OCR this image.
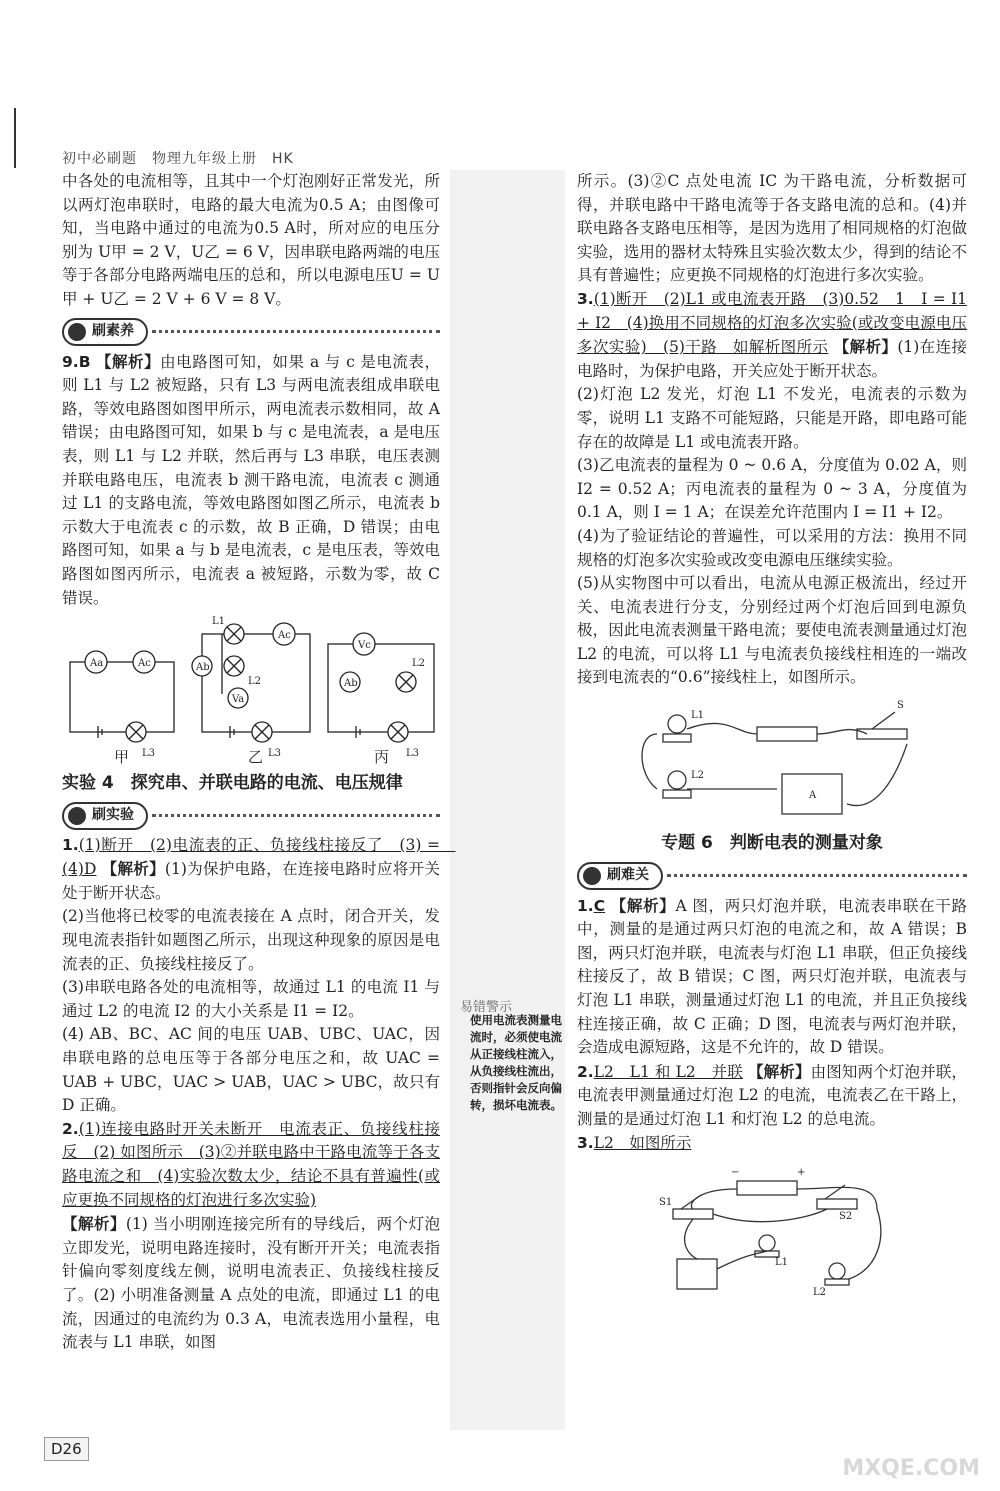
初中必刷题　物理九年级上册　HK
易错警示
使用电流表测量电流时，必须使电流从正接线柱流入，从负接线柱流出，否则指针会反向偏转，损坏电流表。

中各处的电流相等，且其中一个灯泡刚好正常发光，所以两灯泡串联时，电路的最大电流为0.5 A；由图像可知，当电路中通过的电流为0.5 A时，所对应的电压分别为 U甲 = 2 V，U乙 = 6 V，因串联电路两端的电压等于各部分电路两端电压的总和，所以电源电压U = U甲 + U乙 = 2 V + 6 V = 8 V。

刷素养

9.B 【解析】由电路图可知，如果 a 与 c 是电流表，则 L1 与 L2 被短路，只有 L3 与两电流表组成串联电路，等效电路图如图甲所示，两电流表示数相同，故 A 错误；由电路图可知，如果 b 与 c 是电流表，a 是电压表，则 L1 与 L2 并联，然后再与 L3 串联，电压表测并联电路电压，电流表 b 测干路电流，电流表 c 测通过 L1 的支路电流，等效电路图如图乙所示，电流表 b 示数大于电流表 c 的示数，故 B 正确，D 错误；由电路图可知，如果 a 与 b 是电流表，c 是电压表，等效电路图如图丙所示，电流表 a 被短路，示数为零，故 C 错误。

Aa	Ac
L3
L1
Ac
Ab
L2
Va
L3
Vc
Ab
L2
L3
甲	乙	丙
实验 4　探究串、并联电路的电流、电压规律
刷实验

1.(1)断开　(2)电流表的正、负接线柱接反了　(3) =　(4)D 【解析】(1)为保护电路，在连接电路时应将开关处于断开状态。

(2)当他将已校零的电流表接在 A 点时，闭合开关，发现电流表指针如题图乙所示，出现这种现象的原因是电流表的正、负接线柱接反了。

(3)串联电路各处的电流相等，故通过 L1 的电流 I1 与通过 L2 的电流 I2 的大小关系是 I1 = I2。

(4) AB、BC、AC 间的电压 UAB、UBC、UAC，因串联电路的总电压等于各部分电压之和，故 UAC = UAB + UBC，UAC > UAB，UAC > UBC，故只有 D 正确。

2.(1)连接电路时开关未断开　电流表正、负接线柱接反　(2) 如图所示　(3)②并联电路中干路电流等于各支路电流之和　(4)实验次数太少，结论不具有普遍性(或应更换不同规格的灯泡进行多次实验)

【解析】(1) 当小明刚连接完所有的导线后，两个灯泡立即发光，说明电路连接时，没有断开开关；电流表指针偏向零刻度线左侧，说明电流表正、负接线柱接反了。(2) 小明准备测量 A 点处的电流，即通过 L1 的电流，因通过的电流约为 0.3 A，电流表选用小量程，电流表与 L1 串联，如图

所示。(3)②C 点处电流 IC 为干路电流，分析数据可得，并联电路中干路电流等于各支路电流的总和。(4)并联电路各支路电压相等，是因为选用了相同规格的灯泡做实验，选用的器材太特殊且实验次数太少，得到的结论不具有普遍性；应更换不同规格的灯泡进行多次实验。

3.(1)断开　(2)L1 或电流表开路　(3)0.52　1　I = I1 + I2　(4)换用不同规格的灯泡多次实验(或改变电源电压多次实验)　(5)干路　如解析图所示 【解析】(1)在连接电路时，为保护电路，开关应处于断开状态。

(2)灯泡 L2 发光，灯泡 L1 不发光，电流表的示数为零，说明 L1 支路不可能短路，只能是开路，即电路可能存在的故障是 L1 或电流表开路。

(3)乙电流表的量程为 0 ~ 0.6 A，分度值为 0.02 A，则 I2 = 0.52 A；丙电流表的量程为 0 ~ 3 A，分度值为 0.1 A，则 I = 1 A；在误差允许范围内 I = I1 + I2。

(4)为了验证结论的普遍性，可以采用的方法：换用不同规格的灯泡多次实验或改变电源电压继续实验。

(5)从实物图中可以看出，电流从电源正极流出，经过开关、电流表进行分支，分别经过两个灯泡后回到电源负极，因此电流表测量干路电流；要使电流表测量通过灯泡 L2 的电流，可以将 L1 与电流表负接线柱相连的一端改接到电流表的“0.6”接线柱上，如图所示。

L1
L2
S
A
专题 6　判断电表的测量对象
刷难关

1.C 【解析】A 图，两只灯泡并联，电流表串联在干路中，测量的是通过两只灯泡的电流之和，故 A 错误；B 图，两只灯泡并联，电流表与灯泡 L1 串联，但正负接线柱接反了，故 B 错误；C 图，两只灯泡并联，电流表与灯泡 L1 串联，测量通过灯泡 L1 的电流，并且正负接线柱连接正确，故 C 正确；D 图，电流表与两灯泡并联，会造成电源短路，这是不允许的，故 D 错误。

2.L2　L1 和 L2　并联 【解析】由图知两个灯泡并联，电流表甲测量通过灯泡 L2 的电流，电流表乙在干路上，测量的是通过灯泡 L1 和灯泡 L2 的总电流。

3.L2　如图所示

S1
S2
L1
L2
−	+
D26
MXQE.COM
